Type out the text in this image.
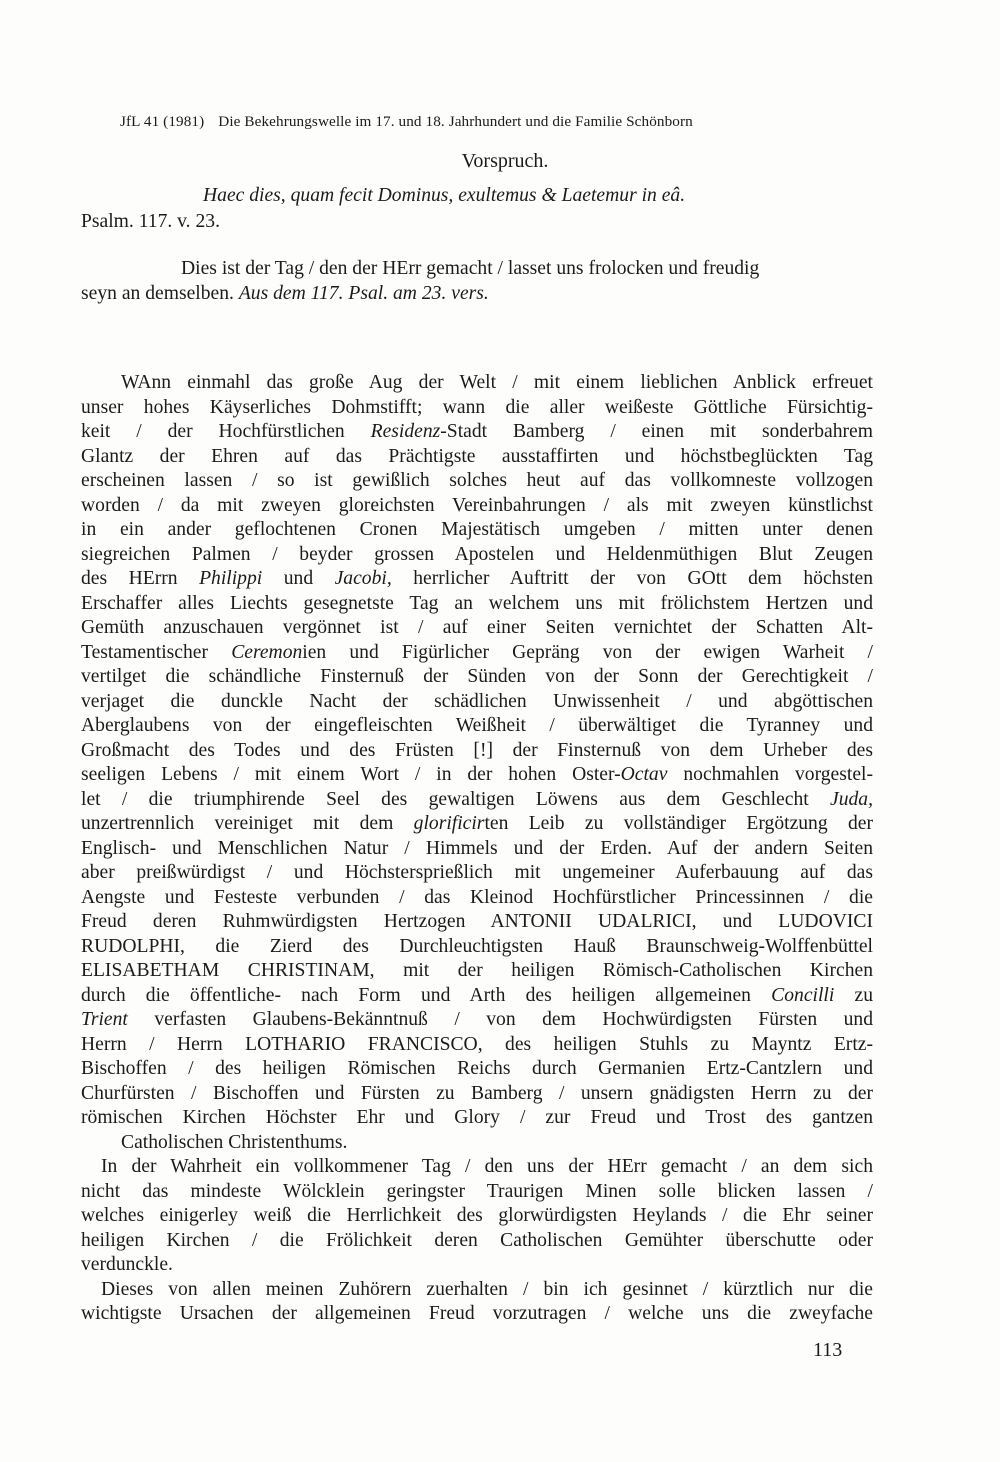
JfL 41 (1981) Die Bekehrungswelle im 17. und 18. Jahrhundert und die Familie Schönborn
Vorspruch.
Haec dies, quam fecit Dominus, exultemus & Laetemur in eâ.
Psalm. 117. v. 23.
Dies ist der Tag / den der HErr gemacht / lasset uns frolocken und freudig
seyn an demselben. Aus dem 117. Psal. am 23. vers.
WAnn einmahl das große Aug der Welt / mit einem lieblichen Anblick erfreuet
unser hohes Käyserliches Dohmstifft; wann die aller weißeste Göttliche Fürsichtig-
keit / der Hochfürstlichen Residenz-Stadt Bamberg / einen mit sonderbahrem
Glantz der Ehren auf das Prächtigste ausstaffirten und höchstbeglückten Tag
erscheinen lassen / so ist gewißlich solches heut auf das vollkomneste vollzogen
worden / da mit zweyen gloreichsten Vereinbahrungen / als mit zweyen künstlichst
in ein ander geflochtenen Cronen Majestätisch umgeben / mitten unter denen
siegreichen Palmen / beyder grossen Apostelen und Heldenmüthigen Blut Zeugen
des HErrn Philippi und Jacobi, herrlicher Auftritt der von GOtt dem höchsten
Erschaffer alles Liechts gesegnetste Tag an welchem uns mit frölichstem Hertzen und
Gemüth anzuschauen vergönnet ist / auf einer Seiten vernichtet der Schatten Alt-
Testamentischer Ceremonien und Figürlicher Gepräng von der ewigen Warheit /
vertilget die schändliche Finsternuß der Sünden von der Sonn der Gerechtigkeit /
verjaget die dunckle Nacht der schädlichen Unwissenheit / und abgöttischen
Aberglaubens von der eingefleischten Weißheit / überwältiget die Tyranney und
Großmacht des Todes und des Früsten [!] der Finsternuß von dem Urheber des
seeligen Lebens / mit einem Wort / in der hohen Oster-Octav nochmahlen vorgestel-
let / die triumphirende Seel des gewaltigen Löwens aus dem Geschlecht Juda,
unzertrennlich vereiniget mit dem glorificirten Leib zu vollständiger Ergötzung der
Englisch- und Menschlichen Natur / Himmels und der Erden. Auf der andern Seiten
aber preißwürdigst / und Höchstersprießlich mit ungemeiner Auferbauung auf das
Aengste und Festeste verbunden / das Kleinod Hochfürstlicher Princessinnen / die
Freud deren Ruhmwürdigsten Hertzogen ANTONII UDALRICI, und LUDOVICI
RUDOLPHI, die Zierd des Durchleuchtigsten Hauß Braunschweig-Wolffenbüttel
ELISABETHAM CHRISTINAM, mit der heiligen Römisch-Catholischen Kirchen
durch die öffentliche- nach Form und Arth des heiligen allgemeinen Concilli zu
Trient verfasten Glaubens-Bekänntnuß / von dem Hochwürdigsten Fürsten und
Herrn / Herrn LOTHARIO FRANCISCO, des heiligen Stuhls zu Mayntz Ertz-
Bischoffen / des heiligen Römischen Reichs durch Germanien Ertz-Cantzlern und
Churfürsten / Bischoffen und Fürsten zu Bamberg / unsern gnädigsten Herrn zu der
römischen Kirchen Höchster Ehr und Glory / zur Freud und Trost des gantzen
Catholischen Christenthums.
In der Wahrheit ein vollkommener Tag / den uns der HErr gemacht / an dem sich
nicht das mindeste Wölcklein geringster Traurigen Minen solle blicken lassen /
welches einigerley weiß die Herrlichkeit des glorwürdigsten Heylands / die Ehr seiner
heiligen Kirchen / die Frölichkeit deren Catholischen Gemühter überschutte oder
verdunckle.
Dieses von allen meinen Zuhörern zuerhalten / bin ich gesinnet / kürztlich nur die
wichtigste Ursachen der allgemeinen Freud vorzutragen / welche uns die zweyfache
113
